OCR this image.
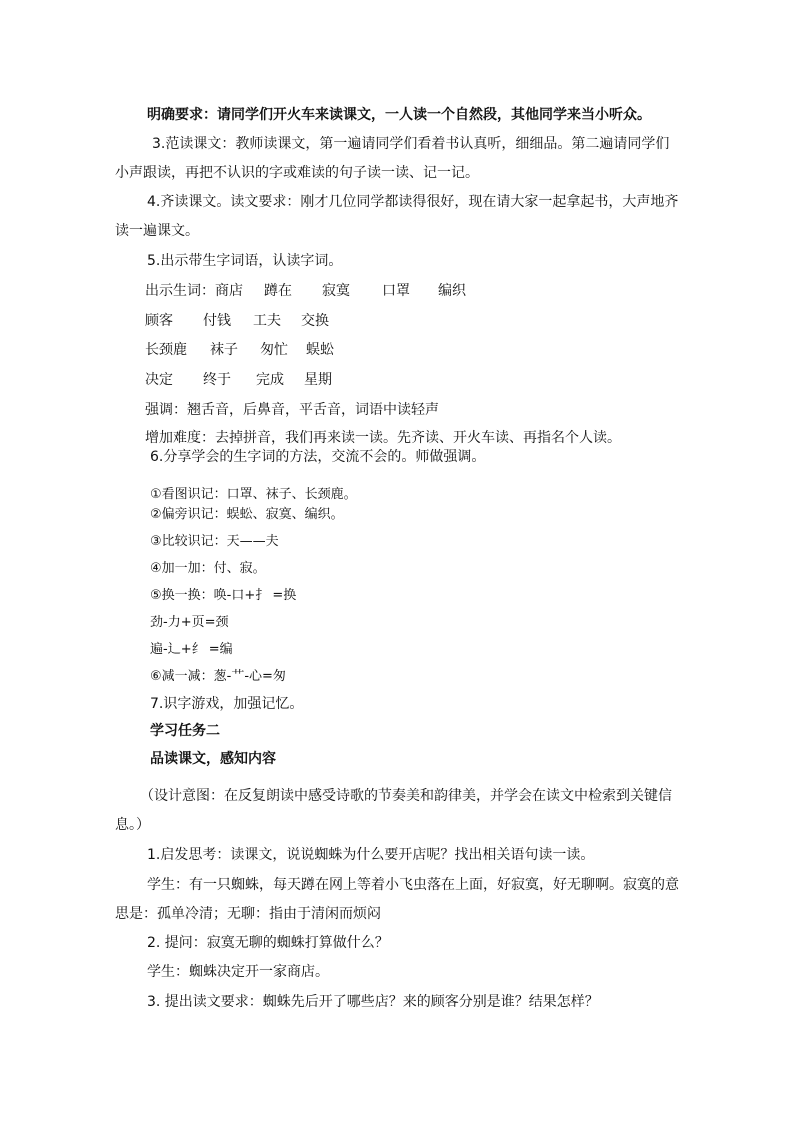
明确要求：请同学们开火车来读课文，一人读一个自然段，其他同学来当小听众。
3.范读课文：教师读课文，第一遍请同学们看着书认真听，细细品。第二遍请同学们
小声跟读，再把不认识的字或难读的句子读一读、记一记。
4.齐读课文。读文要求：刚才几位同学都读得很好，现在请大家一起拿起书，大声地齐
读一遍课文。
5.出示带生字词语，认读字词。
出示生词：商店 蹲在 寂寞 口罩 编织
顾客 付钱 工夫 交换
长颈鹿 袜子 匆忙 蜈蚣
决定 终于 完成 星期
强调：翘舌音，后鼻音，平舌音，词语中读轻声
增加难度：去掉拼音，我们再来读一读。先齐读、开火车读、再指名个人读。
6.分享学会的生字词的方法，交流不会的。师做强调。
①看图识记：口罩、袜子、长颈鹿。
②偏旁识记：蜈蚣、寂寞、编织。
③比较识记：天——夫
④加一加：付、寂。
⑤换一换：唤-口+扌 =换
劲-力+页=颈
遍-辶+纟 =编
⑥减一减：葱-艹-心=匆
7.识字游戏，加强记忆。
学习任务二
品读课文，感知内容
（设计意图：在反复朗读中感受诗歌的节奏美和韵律美，并学会在读文中检索到关键信
息。）
1.启发思考：读课文，说说蜘蛛为什么要开店呢？找出相关语句读一读。
学生：有一只蜘蛛，每天蹲在网上等着小飞虫落在上面，好寂寞，好无聊啊。寂寞的意
思是：孤单冷清；无聊：指由于清闲而烦闷
2. 提问：寂寞无聊的蜘蛛打算做什么？
学生：蜘蛛决定开一家商店。
3. 提出读文要求：蜘蛛先后开了哪些店？来的顾客分别是谁？结果怎样？
